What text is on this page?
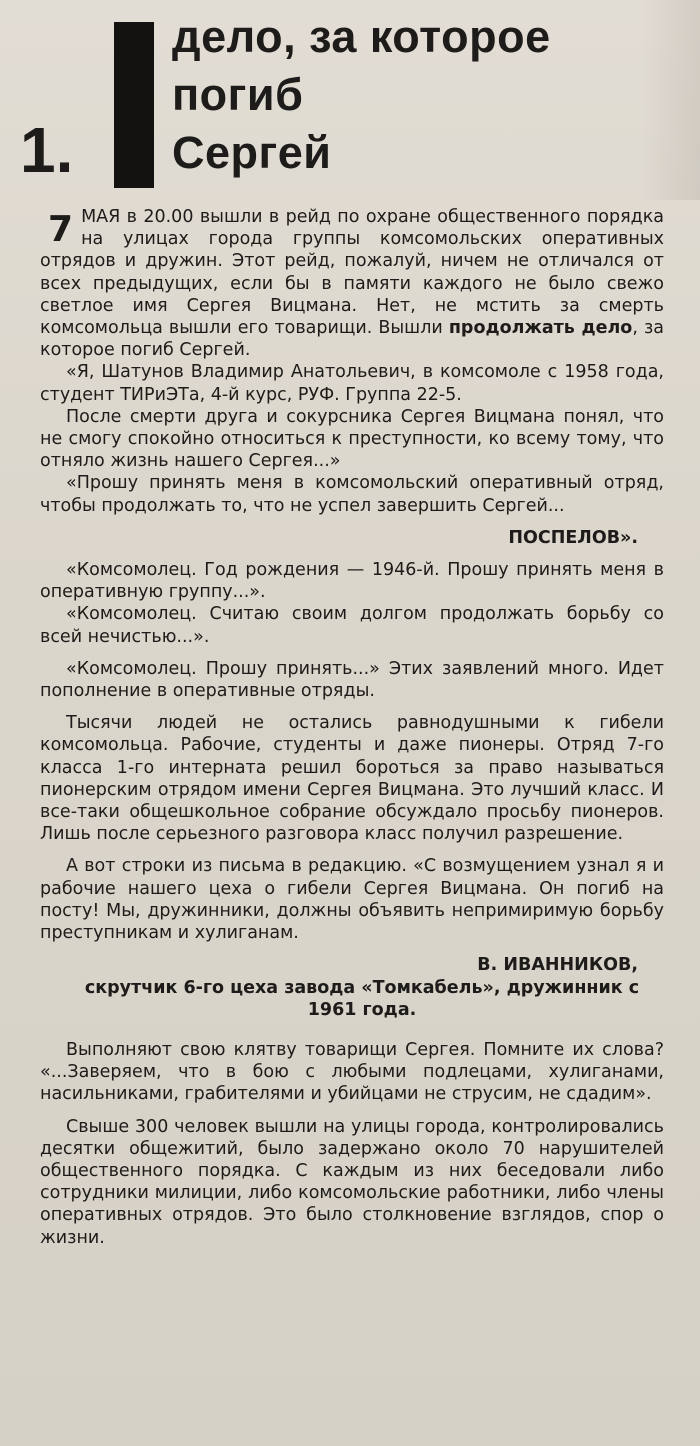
1.
дело, за которое
погиб
Сергей

7 МАЯ в 20.00 вышли в рейд по охране общественного порядка на улицах города группы комсомольских оперативных отрядов и дружин. Этот рейд, пожалуй, ничем не отличался от всех предыдущих, если бы в памяти каждого не было свежо светлое имя Сергея Вицмана. Нет, не мстить за смерть комсомольца вышли его товарищи. Вышли продолжать дело, за которое погиб Сергей.

«Я, Шатунов Владимир Анатольевич, в комсомоле с 1958 года, студент ТИРиЭТа, 4-й курс, РУФ. Группа 22-5.

После смерти друга и сокурсника Сергея Вицмана понял, что не смогу спокойно относиться к преступности, ко всему тому, что отняло жизнь нашего Сергея...»

«Прошу принять меня в комсомольский оперативный отряд, чтобы продолжать то, что не успел завершить Сергей...

ПОСПЕЛОВ».

«Комсомолец. Год рождения — 1946-й. Прошу принять меня в оперативную группу...».

«Комсомолец. Считаю своим долгом продолжать борьбу со всей нечистью...».

«Комсомолец. Прошу принять...» Этих заявлений много. Идет пополнение в оперативные отряды.

Тысячи людей не остались равнодушными к гибели комсомольца. Рабочие, студенты и даже пионеры. Отряд 7-го класса 1-го интерната решил бороться за право называться пионерским отрядом имени Сергея Вицмана. Это лучший класс. И все-таки общешкольное собрание обсуждало просьбу пионеров. Лишь после серьезного разговора класс получил разрешение.

А вот строки из письма в редакцию. «С возмущением узнал я и рабочие нашего цеха о гибели Сергея Вицмана. Он погиб на посту! Мы, дружинники, должны объявить непримиримую борьбу преступникам и хулиганам.

В. ИВАННИКОВ,

скрутчик 6-го цеха завода «Томкабель», дружинник с 1961 года.

Выполняют свою клятву товарищи Сергея. Помните их слова? «...Заверяем, что в бою с любыми подлецами, хулиганами, насильниками, грабителями и убийцами не струсим, не сдадим».

Свыше 300 человек вышли на улицы города, контролировались десятки общежитий, было задержано около 70 нарушителей общественного порядка. С каждым из них беседовали либо сотрудники милиции, либо комсомольские работники, либо члены оперативных отрядов. Это было столкновение взглядов, спор о жизни.
